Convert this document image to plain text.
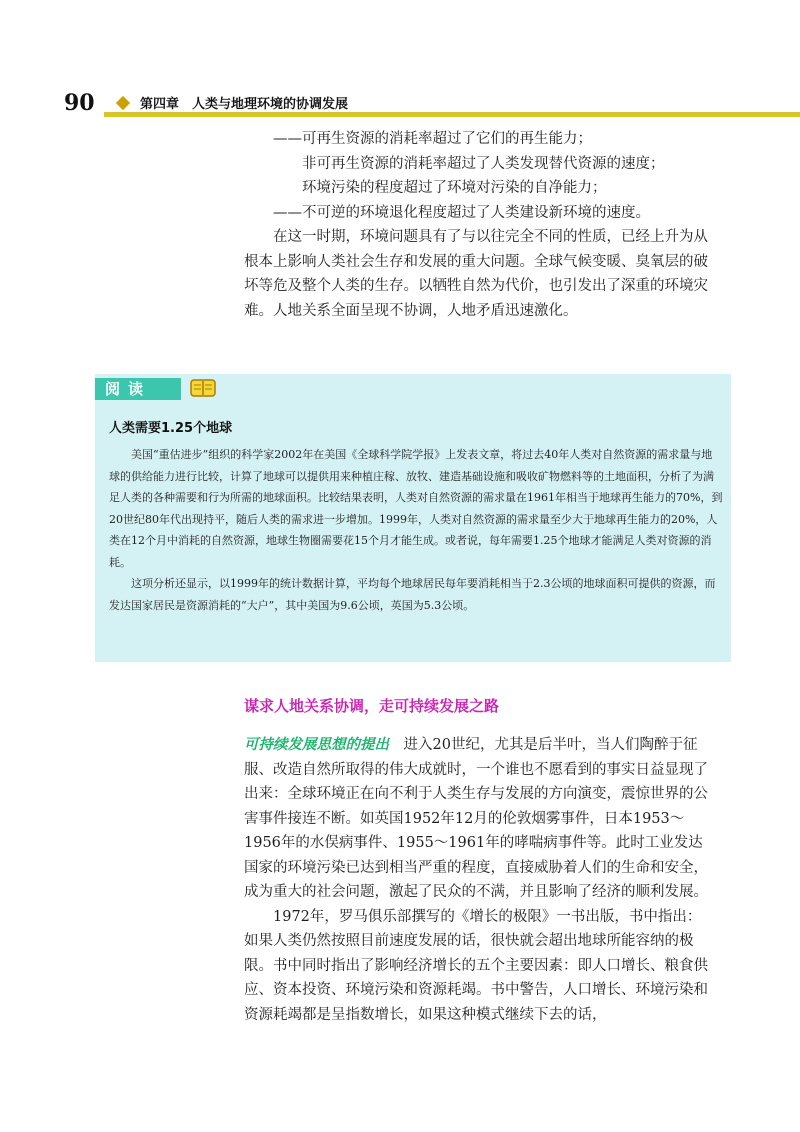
90	第四章　人类与地理环境的协调发展

——可再生资源的消耗率超过了它们的再生能力；

非可再生资源的消耗率超过了人类发现替代资源的速度；

环境污染的程度超过了环境对污染的自净能力；

——不可逆的环境退化程度超过了人类建设新环境的速度。

在这一时期，环境问题具有了与以往完全不同的性质，已经上升为从根本上影响人类社会生存和发展的重大问题。全球气候变暖、臭氧层的破坏等危及整个人类的生存。以牺牲自然为代价，也引发出了深重的环境灾难。人地关系全面呈现不协调，人地矛盾迅速激化。

阅读
人类需要1.25个地球

美国“重估进步”组织的科学家2002年在美国《全球科学院学报》上发表文章，将过去40年人类对自然资源的需求量与地球的供给能力进行比较，计算了地球可以提供用来种植庄稼、放牧、建造基础设施和吸收矿物燃料等的土地面积，分析了为满足人类的各种需要和行为所需的地球面积。比较结果表明，人类对自然资源的需求量在1961年相当于地球再生能力的70%，到20世纪80年代出现持平，随后人类的需求进一步增加。1999年，人类对自然资源的需求量至少大于地球再生能力的20%，人类在12个月中消耗的自然资源，地球生物圈需要花15个月才能生成。或者说，每年需要1.25个地球才能满足人类对资源的消耗。

这项分析还显示，以1999年的统计数据计算，平均每个地球居民每年要消耗相当于2.3公顷的地球面积可提供的资源，而发达国家居民是资源消耗的“大户”，其中美国为9.6公顷，英国为5.3公顷。

谋求人地关系协调，走可持续发展之路

可持续发展思想的提出　 进入20世纪，尤其是后半叶，当人们陶醉于征服、改造自然所取得的伟大成就时，一个谁也不愿看到的事实日益显现了出来：全球环境正在向不利于人类生存与发展的方向演变，震惊世界的公害事件接连不断。如英国1952年12月的伦敦烟雾事件，日本1953～1956年的水俣病事件、1955～1961年的哮喘病事件等。此时工业发达国家的环境污染已达到相当严重的程度，直接威胁着人们的生命和安全，成为重大的社会问题，激起了民众的不满，并且影响了经济的顺利发展。

1972年，罗马俱乐部撰写的《增长的极限》一书出版，书中指出：如果人类仍然按照目前速度发展的话，很快就会超出地球所能容纳的极限。书中同时指出了影响经济增长的五个主要因素：即人口增长、粮食供应、资本投资、环境污染和资源耗竭。书中警告，人口增长、环境污染和资源耗竭都是呈指数增长，如果这种模式继续下去的话，
